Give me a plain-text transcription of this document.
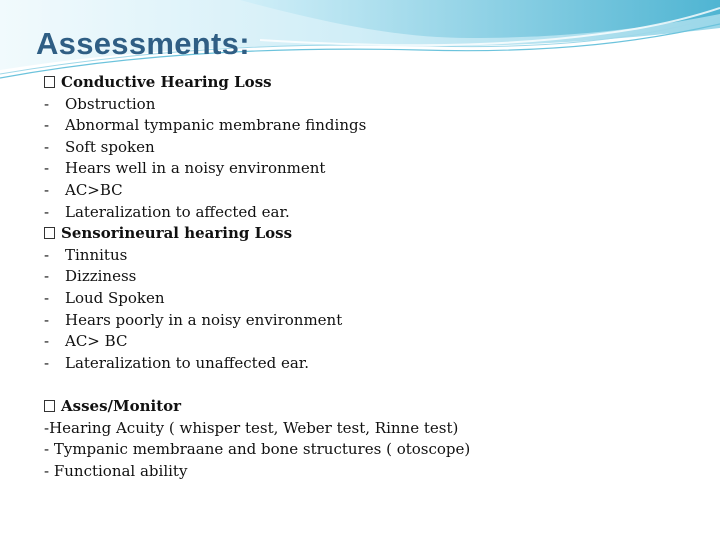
Assessments:
Conductive Hearing Loss
- Obstruction
- Abnormal tympanic membrane findings
- Soft spoken
- Hears well in a noisy environment
- AC>BC
- Lateralization to affected ear.
Sensorineural hearing Loss
- Tinnitus
- Dizziness
- Loud Spoken
- Hears poorly in a noisy environment
- AC> BC
- Lateralization to unaffected ear.
Asses/Monitor
-Hearing Acuity ( whisper test, Weber test, Rinne test)
- Tympanic membraane and bone structures ( otoscope)
- Functional ability
